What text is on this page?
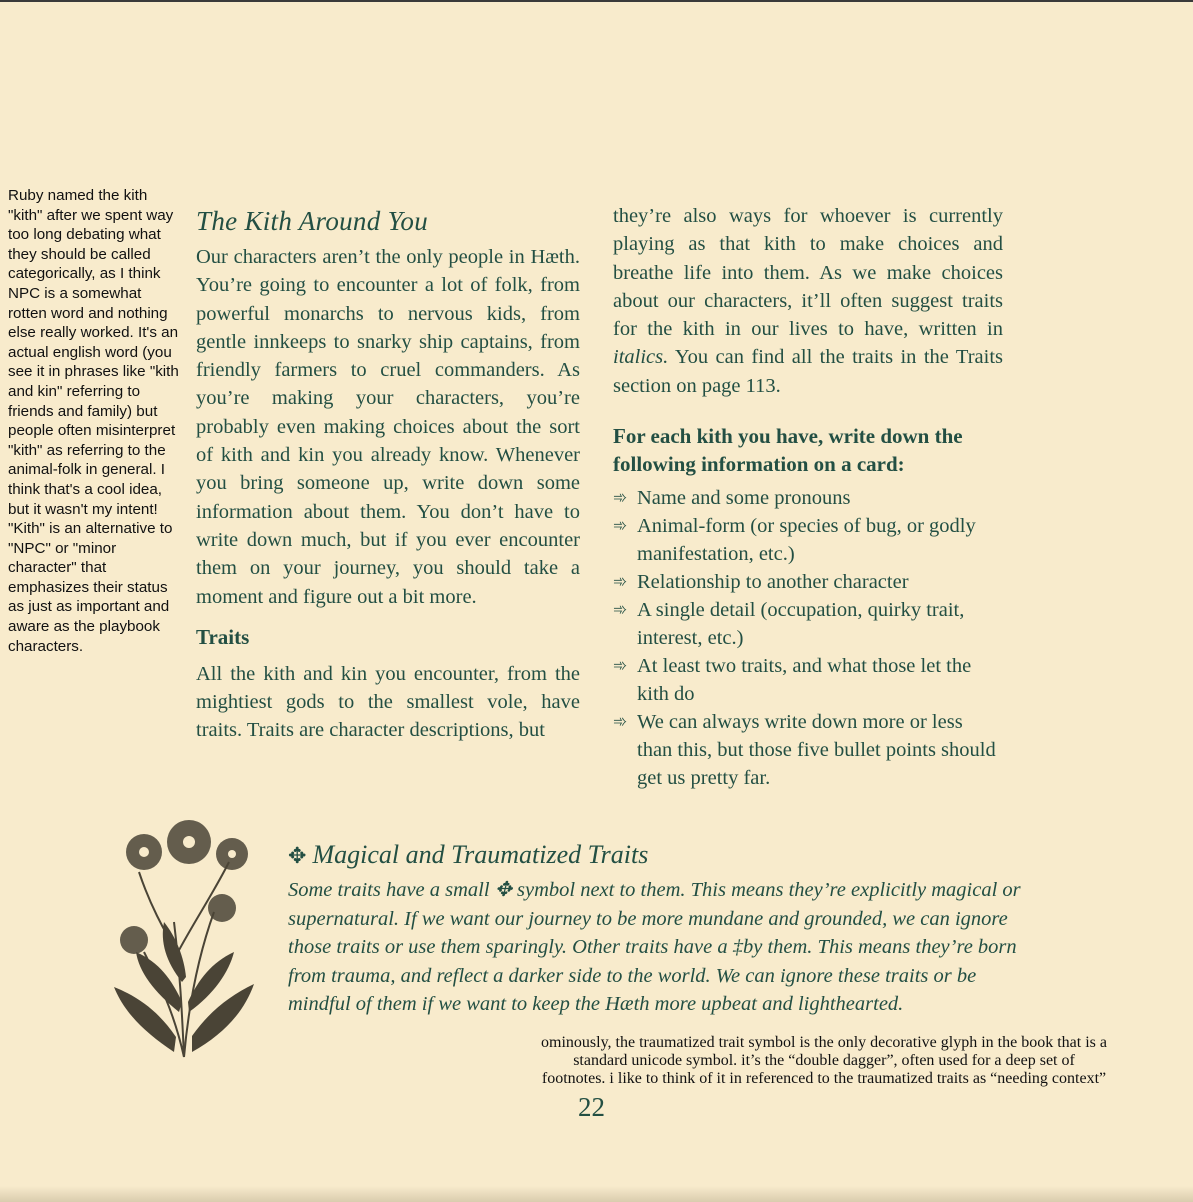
Ruby named the kith "kith" after we spent way too long debating what they should be called categorically, as I think NPC is a somewhat rotten word and nothing else really worked. It's an actual english word (you see it in phrases like "kith and kin" referring to friends and family) but people often misinterpret "kith" as referring to the animal-folk in general. I think that's a cool idea, but it wasn't my intent! "Kith" is an alternative to "NPC" or "minor character" that emphasizes their status as just as important and aware as the playbook characters.
The Kith Around You

Our characters aren’t the only people in Hæth. You’re going to encounter a lot of folk, from powerful monarchs to nervous kids, from gentle innkeeps to snarky ship captains, from friendly farmers to cruel commanders. As you’re making your characters, you’re probably even making choices about the sort of kith and kin you already know. Whenever you bring someone up, write down some information about them. You don’t have to write down much, but if you ever encounter them on your journey, you should take a moment and figure out a bit more.

Traits

All the kith and kin you encounter, from the mightiest gods to the smallest vole, have traits. Traits are character descriptions, but

they’re also ways for whoever is currently playing as that kith to make choices and breathe life into them. As we make choices about our characters, it’ll often suggest traits for the kith in our lives to have, written in italics. You can find all the traits in the Traits section on page 113.

For each kith you have, write down the following information on a card:
➾ Name and some pronouns
➾ Animal-form (or species of bug, or godly manifestation, etc.)
➾ Relationship to another character
➾ A single detail (occupation, quirky trait, interest, etc.)
➾ At least two traits, and what those let the kith do
➾ We can always write down more or less than this, but those five bullet points should get us pretty far.
✥ Magical and Traumatized Traits

Some traits have a small ✥ symbol next to them. This means they’re explicitly magical or supernatural. If we want our journey to be more mundane and grounded, we can ignore those traits or use them sparingly. Other traits have a ‡by them. This means they’re born from trauma, and reflect a darker side to the world. We can ignore these traits or be mindful of them if we want to keep the Hæth more upbeat and lighthearted.

ominously, the traumatized trait symbol is the only decorative glyph in the book that is a standard unicode symbol. it’s the “double dagger”, often used for a deep set of footnotes. i like to think of it in referenced to the traumatized traits as “needing context”
22
